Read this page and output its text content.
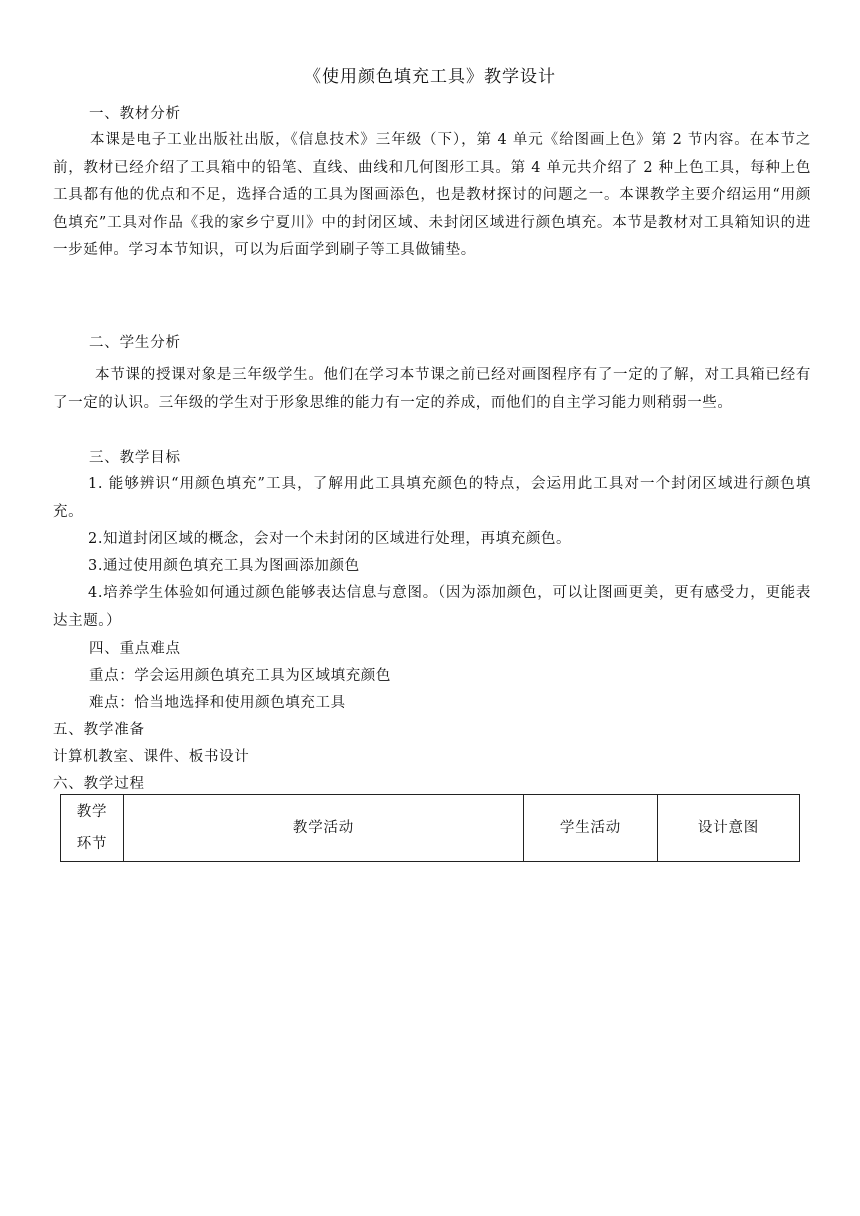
《使用颜色填充工具》教学设计
一、教材分析
本课是电子工业出版社出版，《信息技术》三年级（下），第 4 单元《给图画上色》第 2 节内容。在本节之前，教材已经介绍了工具箱中的铅笔、直线、曲线和几何图形工具。第 4 单元共介绍了 2 种上色工具，每种上色工具都有他的优点和不足，选择合适的工具为图画添色，也是教材探讨的问题之一。本课教学主要介绍运用“用颜色填充”工具对作品《我的家乡宁夏川》中的封闭区域、未封闭区域进行颜色填充。本节是教材对工具箱知识的进一步延伸。学习本节知识，可以为后面学到刷子等工具做铺垫。
二、学生分析
本节课的授课对象是三年级学生。他们在学习本节课之前已经对画图程序有了一定的了解，对工具箱已经有了一定的认识。三年级的学生对于形象思维的能力有一定的养成，而他们的自主学习能力则稍弱一些。
三、教学目标
1. 能够辨识“用颜色填充”工具，了解用此工具填充颜色的特点，会运用此工具对一个封闭区域进行颜色填充。
2.知道封闭区域的概念，会对一个未封闭的区域进行处理，再填充颜色。
3.通过使用颜色填充工具为图画添加颜色
4.培养学生体验如何通过颜色能够表达信息与意图。（因为添加颜色，可以让图画更美，更有感受力，更能表达主题。）
四、重点难点
重点：学会运用颜色填充工具为区域填充颜色
难点：恰当地选择和使用颜色填充工具
五、教学准备
计算机教室、课件、板书设计
六、教学过程
教学
环节
	教学活动	学生活动	设计意图
